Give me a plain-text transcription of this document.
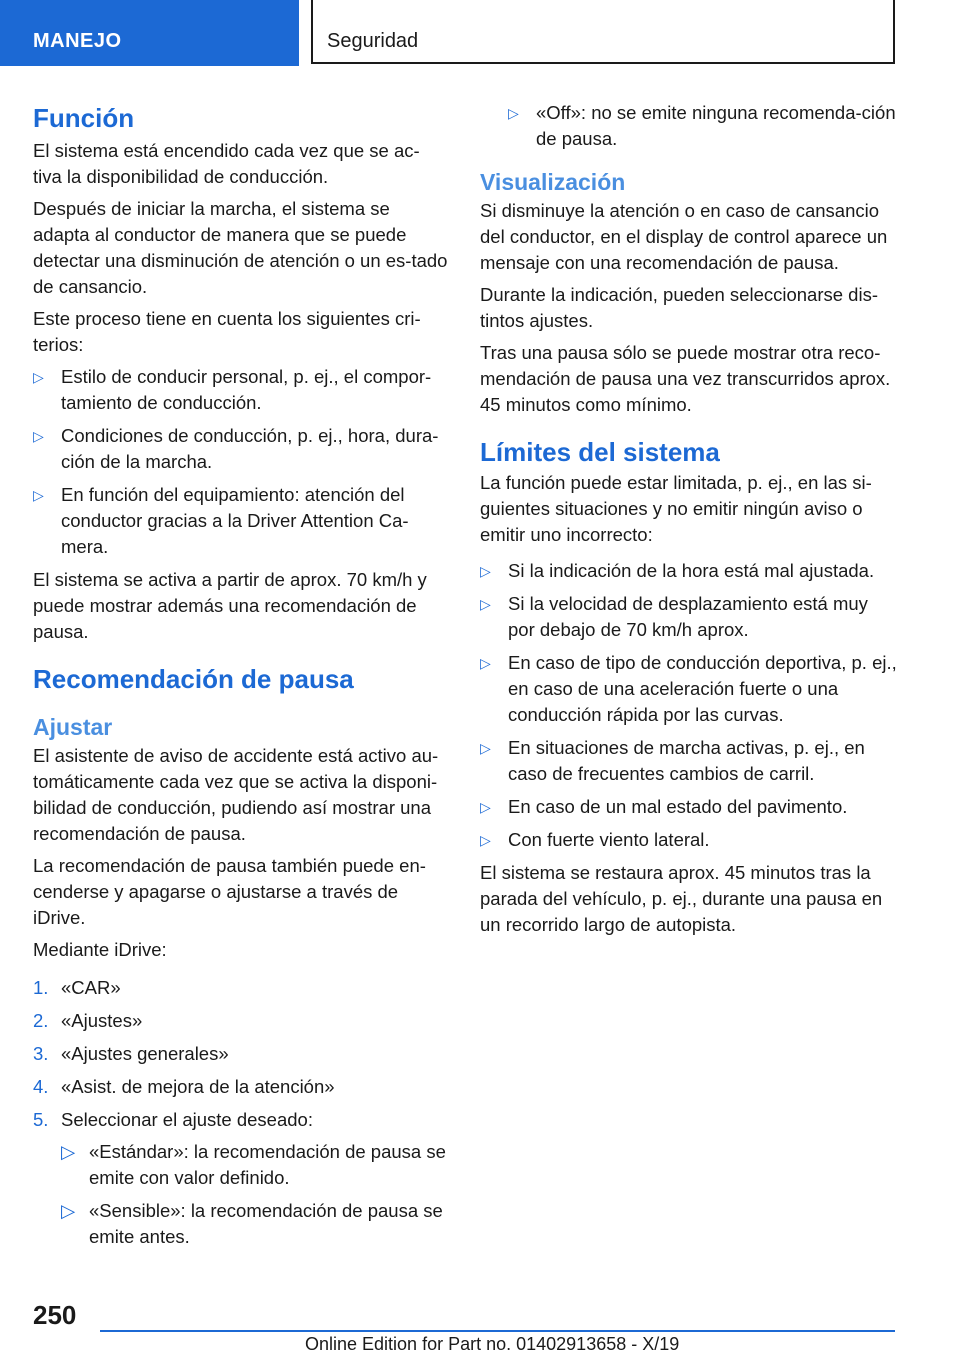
MANEJO	Seguridad
Función

El sistema está encendido cada vez que se ac-tiva la disponibilidad de conducción.

Después de iniciar la marcha, el sistema se adapta al conductor de manera que se puede detectar una disminución de atención o un es-tado de cansancio.

Este proceso tiene en cuenta los siguientes cri-terios:

▷ Estilo de conducir personal, p. ej., el compor-tamiento de conducción.
▷ Condiciones de conducción, p. ej., hora, dura-ción de la marcha.
▷ En función del equipamiento: atención del conductor gracias a la Driver Attention Ca-mera.

El sistema se activa a partir de aprox. 70 km/h y puede mostrar además una recomendación de pausa.

Recomendación de pausa
Ajustar

El asistente de aviso de accidente está activo au-tomáticamente cada vez que se activa la disponi-bilidad de conducción, pudiendo así mostrar una recomendación de pausa.

La recomendación de pausa también puede en-cenderse y apagarse o ajustarse a través de iDrive.

Mediante iDrive:

1. «CAR»
2. «Ajustes»
3. «Ajustes generales»
4. «Asist. de mejora de la atención»
5. Seleccionar el ajuste deseado:
▷ «Estándar»: la recomendación de pausa se emite con valor definido.
▷ «Sensible»: la recomendación de pausa se emite antes.
▷ «Off»: no se emite ninguna recomenda-ción de pausa.
Visualización

Si disminuye la atención o en caso de cansancio del conductor, en el display de control aparece un mensaje con una recomendación de pausa.

Durante la indicación, pueden seleccionarse dis-tintos ajustes.

Tras una pausa sólo se puede mostrar otra reco-mendación de pausa una vez transcurridos aprox. 45 minutos como mínimo.

Límites del sistema

La función puede estar limitada, p. ej., en las si-guientes situaciones y no emitir ningún aviso o emitir uno incorrecto:

▷ Si la indicación de la hora está mal ajustada.
▷ Si la velocidad de desplazamiento está muy por debajo de 70 km/h aprox.
▷ En caso de tipo de conducción deportiva, p. ej., en caso de una aceleración fuerte o una conducción rápida por las curvas.
▷ En situaciones de marcha activas, p. ej., en caso de frecuentes cambios de carril.
▷ En caso de un mal estado del pavimento.
▷ Con fuerte viento lateral.

El sistema se restaura aprox. 45 minutos tras la parada del vehículo, p. ej., durante una pausa en un recorrido largo de autopista.

250
Online Edition for Part no. 01402913658 - X/19
